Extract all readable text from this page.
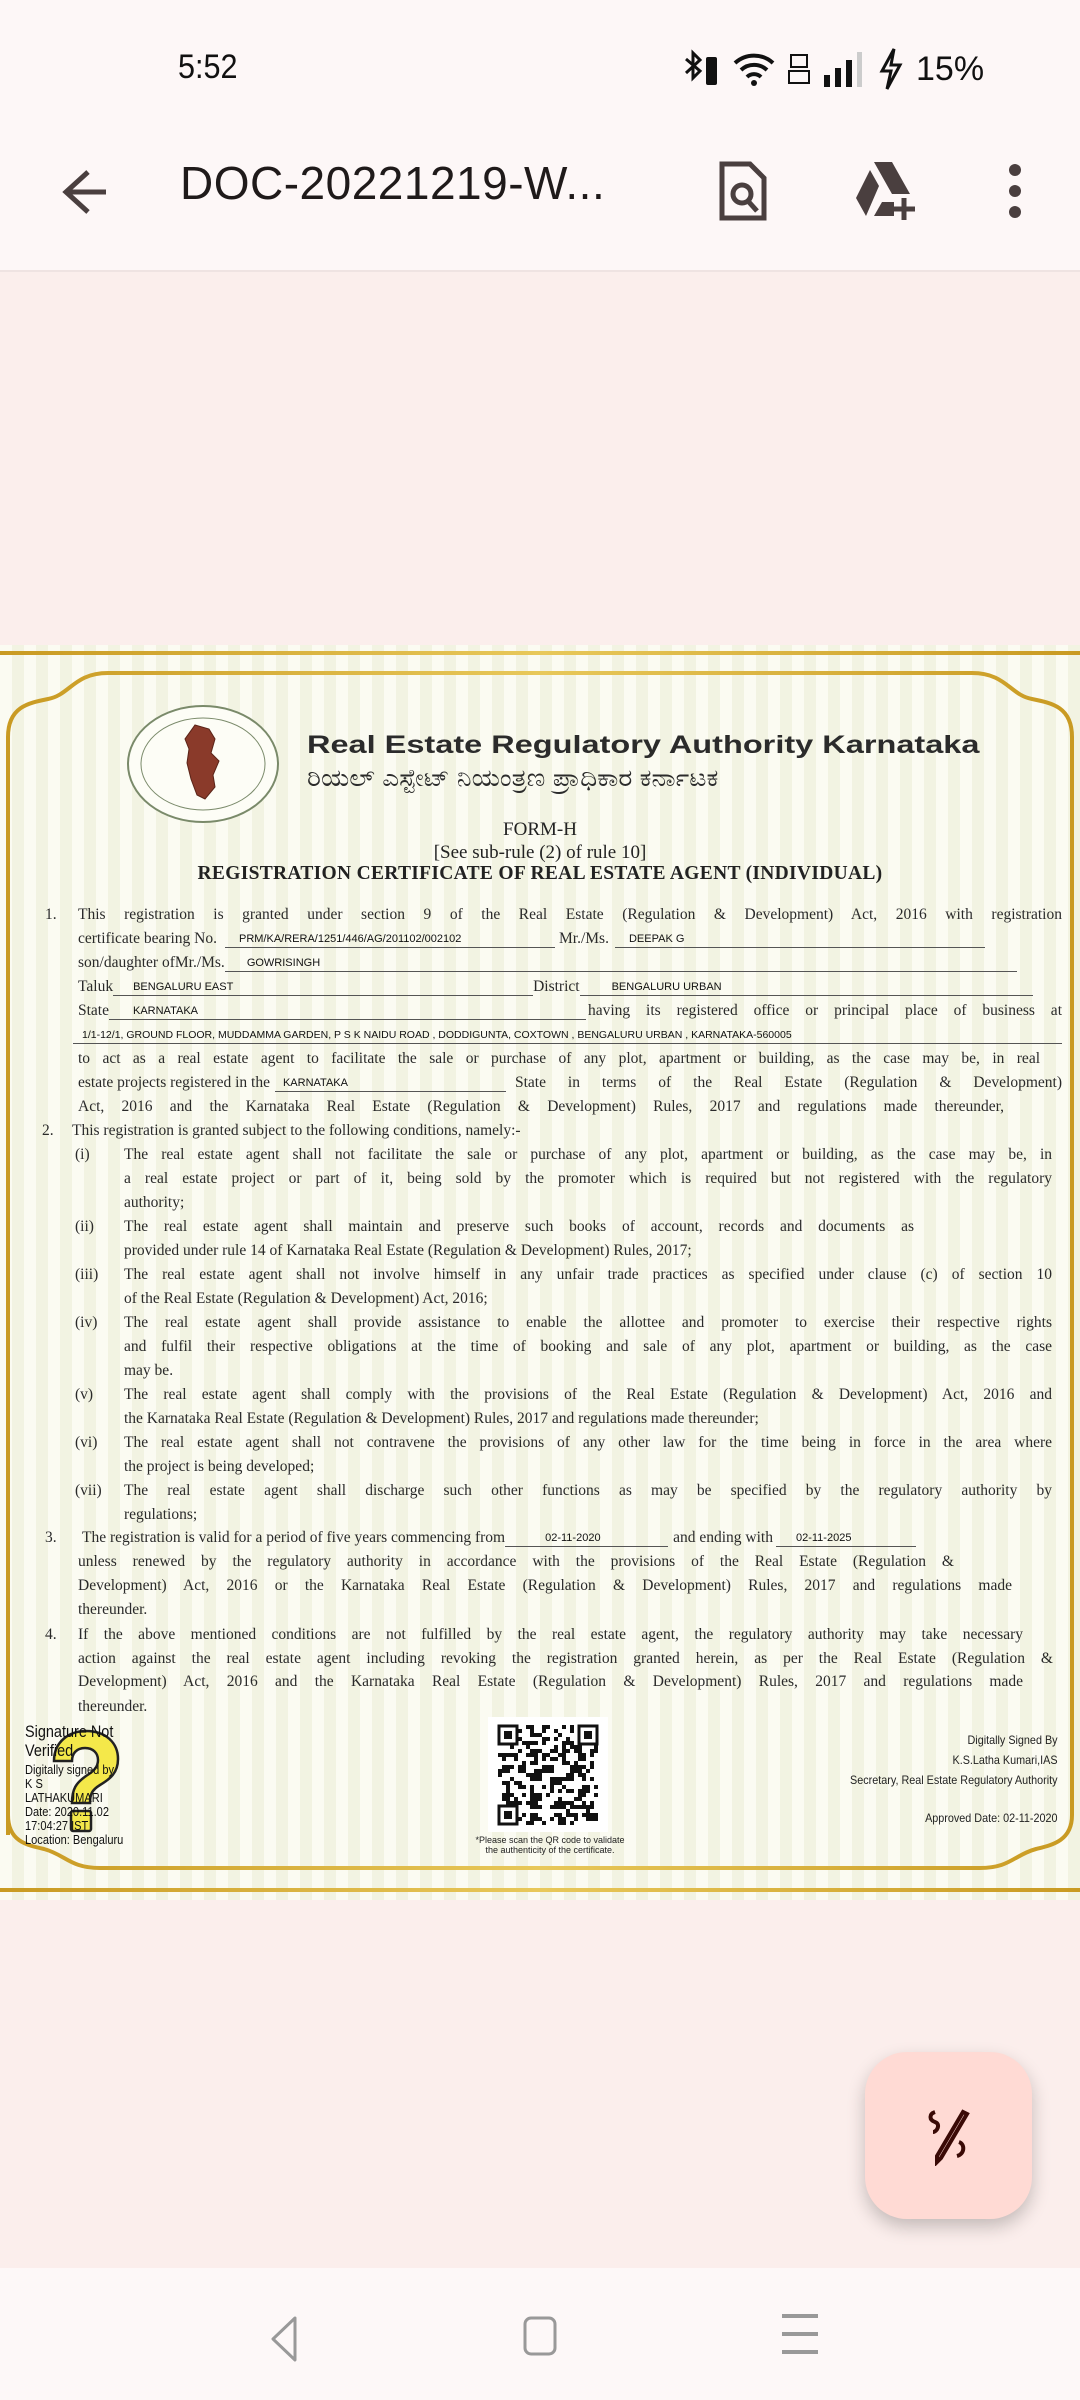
5:52	15%
DOC-20221219-W...
Real Estate Regulatory Authority Karnataka
ರಿಯಲ್ ಎಸ್ಟೇಟ್ ನಿಯಂತ್ರಣ ಪ್ರಾಧಿಕಾರ ಕರ್ನಾಟಕ
FORM-H
[See sub-rule (2) of rule 10]
REGISTRATION CERTIFICATE OF REAL ESTATE AGENT (INDIVIDUAL)
1. This registration is granted under section 9 of the Real Estate (Regulation & Development) Act, 2016 with registration
certificate bearing No.	PRM/KA/RERA/1251/446/AG/201102/002102	Mr./Ms.	DEEPAK G
son/daughter ofMr./Ms.	GOWRISINGH
Taluk	BENGALURU EAST	District	BENGALURU URBAN
State	KARNATAKA	having its registered office or principal place of business at
1/1-12/1, GROUND FLOOR, MUDDAMMA GARDEN, P S K NAIDU ROAD , DODDIGUNTA, COXTOWN , BENGALURU URBAN , KARNATAKA-560005
to act as a real estate agent to facilitate the sale or purchase of any plot, apartment or building, as the case may be, in real
estate projects registered in the	KARNATAKA	State in terms of the Real Estate (Regulation & Development)
Act, 2016 and the Karnataka Real Estate (Regulation & Development) Rules, 2017 and regulations made thereunder,
2. This registration is granted subject to the following conditions, namely:-
(i) The real estate agent shall not facilitate the sale or purchase of any plot, apartment or building, as the case may be, in
a real estate project or part of it, being sold by the promoter which is required but not registered with the regulatory
authority;
(ii) The real estate agent shall maintain and preserve such books of account, records and documents as
provided under rule 14 of Karnataka Real Estate (Regulation & Development) Rules, 2017;
(iii) The real estate agent shall not involve himself in any unfair trade practices as specified under clause (c) of section 10
of the Real Estate (Regulation & Development) Act, 2016;
(iv) The real estate agent shall provide assistance to enable the allottee and promoter to exercise their respective rights
and fulfil their respective obligations at the time of booking and sale of any plot, apartment or building, as the case
may be.
(v) The real estate agent shall comply with the provisions of the Real Estate (Regulation & Development) Act, 2016 and
the Karnataka Real Estate (Regulation & Development) Rules, 2017 and regulations made thereunder;
(vi) The real estate agent shall not contravene the provisions of any other law for the time being in force in the area where
the project is being developed;
(vii) The real estate agent shall discharge such other functions as may be specified by the regulatory authority by
regulations;
3. The registration is valid for a period of five years commencing from	02-11-2020	and ending with	02-11-2025
unless renewed by the regulatory authority in accordance with the provisions of the Real Estate (Regulation &
Development) Act, 2016 or the Karnataka Real Estate (Regulation & Development) Rules, 2017 and regulations made
thereunder.
4. If the above mentioned conditions are not fulfilled by the real estate agent, the regulatory authority may take necessary
action against the real estate agent including revoking the registration granted herein, as per the Real Estate (Regulation &
Development) Act, 2016 and the Karnataka Real Estate (Regulation & Development) Rules, 2017 and regulations made
thereunder.
Signature Not
Verified
Digitally signed by
K S
LATHAKUMARI
Date: 2020.11.02
17:04:27 IST
Location: Bengaluru	*Please scan the QR code to validate
the authenticity of the certificate.
Digitally Signed By
K.S.Latha Kumari,IAS
Secretary, Real Estate Regulatory Authority
Approved Date: 02-11-2020
